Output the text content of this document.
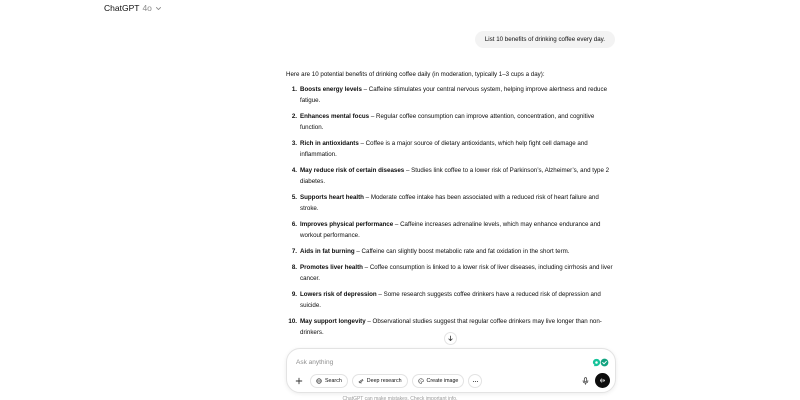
ChatGPT 4o
List 10 benefits of drinking coffee every day.

Here are 10 potential benefits of drinking coffee daily (in moderation, typically 1–3 cups a day):

1. Boosts energy levels – Caffeine stimulates your central nervous system, helping improve alertness and reduce fatigue.
2. Enhances mental focus – Regular coffee consumption can improve attention, concentration, and cognitive function.
3. Rich in antioxidants – Coffee is a major source of dietary antioxidants, which help fight cell damage and inflammation.
4. May reduce risk of certain diseases – Studies link coffee to a lower risk of Parkinson’s, Alzheimer’s, and type 2 diabetes.
5. Supports heart health – Moderate coffee intake has been associated with a reduced risk of heart failure and stroke.
6. Improves physical performance – Caffeine increases adrenaline levels, which may enhance endurance and workout performance.
7. Aids in fat burning – Caffeine can slightly boost metabolic rate and fat oxidation in the short term.
8. Promotes liver health – Coffee consumption is linked to a lower risk of liver diseases, including cirrhosis and liver cancer.
9. Lowers risk of depression – Some research suggests coffee drinkers have a reduced risk of depression and suicide.
10. May support longevity – Observational studies suggest that regular coffee drinkers may live longer than non-drinkers.
Ask anything
Search	Deep research	Create image
ChatGPT can make mistakes. Check important info.
